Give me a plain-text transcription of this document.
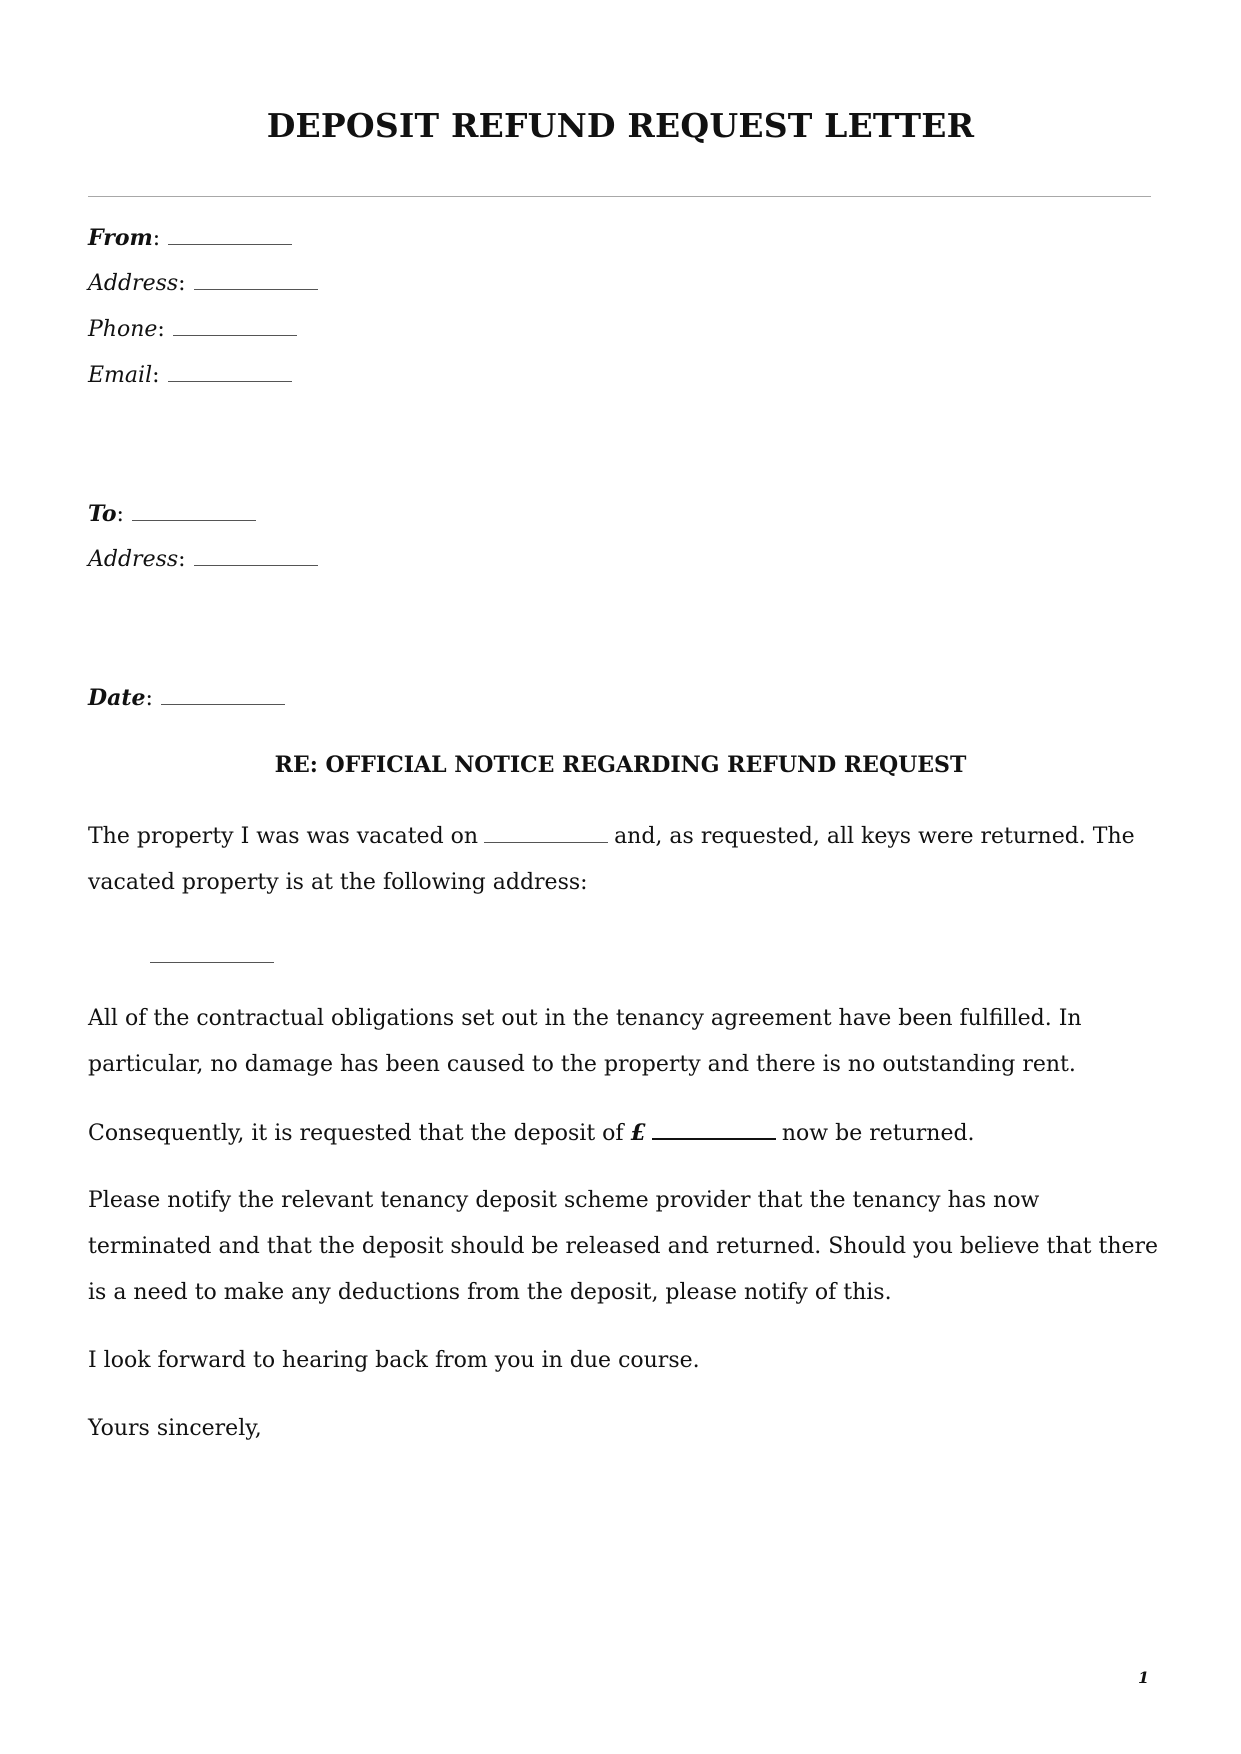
DEPOSIT REFUND REQUEST LETTER
From:
Address:
Phone:
Email:
To:
Address:
Date:
RE: OFFICIAL NOTICE REGARDING REFUND REQUEST
The property I was was vacated on	and, as requested, all keys were returned. The vacated property is at the following address:
All of the contractual obligations set out in the tenancy agreement have been fulfilled. In particular, no damage has been caused to the property and there is no outstanding rent.
Consequently, it is requested that the deposit of £	now be returned.
Please notify the relevant tenancy deposit scheme provider that the tenancy has now terminated and that the deposit should be released and returned. Should you believe that there is a need to make any deductions from the deposit, please notify of this.
I look forward to hearing back from you in due course.
Yours sincerely,
1
